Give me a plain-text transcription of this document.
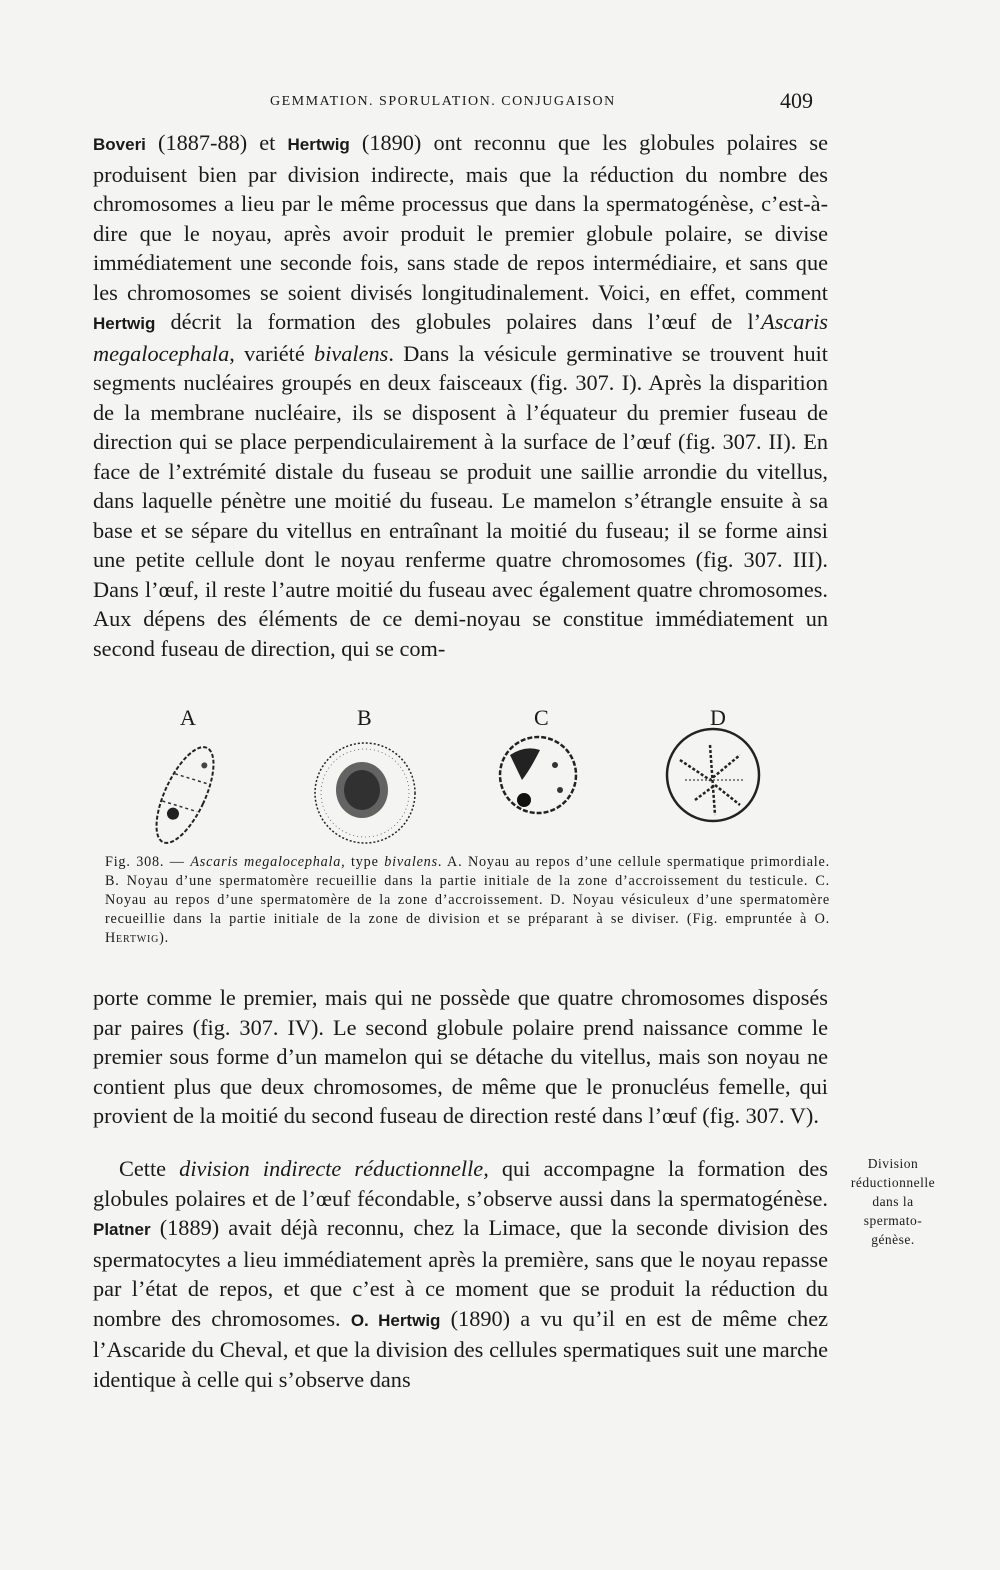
GEMMATION. SPORULATION. CONJUGAISON	409

Boveri (1887-88) et Hertwig (1890) ont reconnu que les globules polaires se produisent bien par division indirecte, mais que la réduction du nombre des chromosomes a lieu par le même processus que dans la spermatogénèse, c’est-à-dire que le noyau, après avoir produit le premier globule polaire, se divise immédiatement une seconde fois, sans stade de repos intermédiaire, et sans que les chromosomes se soient divisés longitudinalement. Voici, en effet, comment Hertwig décrit la formation des globules polaires dans l’œuf de l’Ascaris megalocephala, variété bivalens. Dans la vésicule germinative se trouvent huit segments nucléaires groupés en deux faisceaux (fig. 307. I). Après la disparition de la membrane nucléaire, ils se disposent à l’équateur du premier fuseau de direction qui se place perpendiculairement à la surface de l’œuf (fig. 307. II). En face de l’extrémité distale du fuseau se produit une saillie arrondie du vitellus, dans laquelle pénètre une moitié du fuseau. Le mamelon s’étrangle ensuite à sa base et se sépare du vitellus en entraînant la moitié du fuseau; il se forme ainsi une petite cellule dont le noyau renferme quatre chromosomes (fig. 307. III). Dans l’œuf, il reste l’autre moitié du fuseau avec également quatre chromosomes. Aux dépens des éléments de ce demi-noyau se constitue immédiatement un second fuseau de direction, qui se com-

A	B	C	D

Fig. 308. — Ascaris megalocephala, type bivalens. A. Noyau au repos d’une cellule spermatique primordiale. B. Noyau d’une spermatomère recueillie dans la partie initiale de la zone d’accroissement du testicule. C. Noyau au repos d’une spermatomère de la zone d’accroissement. D. Noyau vésiculeux d’une spermatomère recueillie dans la partie initiale de la zone de division et se préparant à se diviser. (Fig. empruntée à O. Hertwig).

porte comme le premier, mais qui ne possède que quatre chromosomes disposés par paires (fig. 307. IV). Le second globule polaire prend naissance comme le premier sous forme d’un mamelon qui se détache du vitellus, mais son noyau ne contient plus que deux chromosomes, de même que le pronucléus femelle, qui provient de la moitié du second fuseau de direction resté dans l’œuf (fig. 307. V).

Cette division indirecte réductionnelle, qui accompagne la formation des globules polaires et de l’œuf fécondable, s’observe aussi dans la spermatogénèse. Platner (1889) avait déjà reconnu, chez la Limace, que la seconde division des spermatocytes a lieu immédiatement après la première, sans que le noyau repasse par l’état de repos, et que c’est à ce moment que se produit la réduction du nombre des chromosomes. O. Hertwig (1890) a vu qu’il en est de même chez l’Ascaride du Cheval, et que la division des cellules spermatiques suit une marche identique à celle qui s’observe dans

Division
réductionnelle
dans la
spermato-
génèse.
